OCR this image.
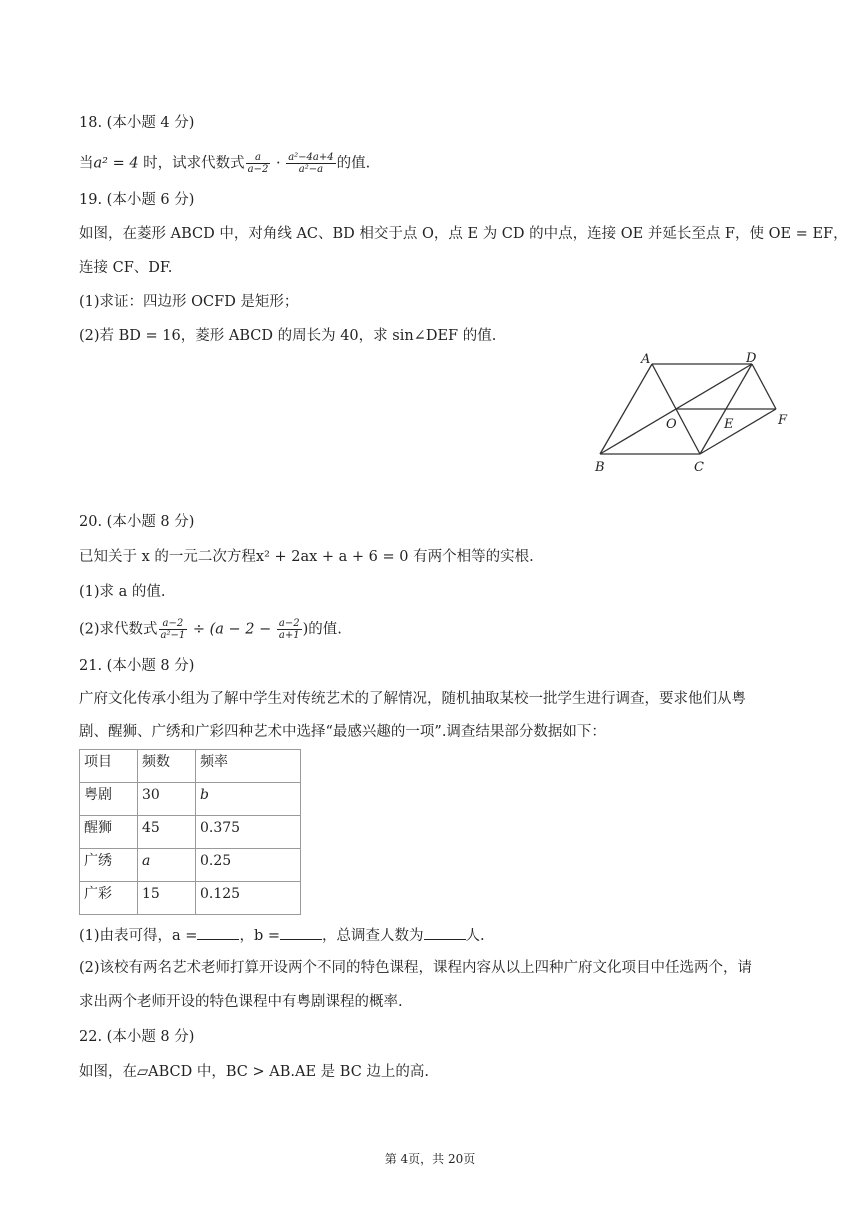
18. (本小题 4 分)
当a² = 4 时，试求代数式 $\frac{a}{a-2} \cdot \frac{\text{a²−4a+4}}{\text{a²−a}}$ 的值.
19. (本小题 6 分)
如图，在菱形 ABCD 中，对角线 AC、BD 相交于点 O，点 E 为 CD 的中点，连接 OE 并延长至点 F，使 OE = EF，
连接 CF、DF.
(1)求证：四边形 OCFD 是矩形；
(2)若 BD = 16，菱形 ABCD 的周长为 40，求 sin∠DEF 的值.
A	D
O	E	F
B	C
20. (本小题 8 分)
已知关于 x 的一元二次方程x² + 2ax + a + 6 = 0 有两个相等的实根.
(1)求 a 的值.
(2)求代数式 $\frac{a-2}{\text{a²−1}} \div (a - 2 - \frac{a-2}{a+1}$ )的值.
21. (本小题 8 分)
广府文化传承小组为了解中学生对传统艺术的了解情况，随机抽取某校一批学生进行调查，要求他们从粤
剧、醒狮、广绣和广彩四种艺术中选择“最感兴趣的一项”.调查结果部分数据如下：
项目	频数	频率
粤剧	30	b
醒狮	45	0.375
广绣	a	0.25
广彩	15	0.125
(1)由表可得，a =	，b =	，总调查人数为	人.
(2)该校有两名艺术老师打算开设两个不同的特色课程，课程内容从以上四种广府文化项目中任选两个，请
求出两个老师开设的特色课程中有粤剧课程的概率.
22. (本小题 8 分)
如图，在▱ABCD 中，BC > AB.AE 是 BC 边上的高.
第 4页，共 20页
